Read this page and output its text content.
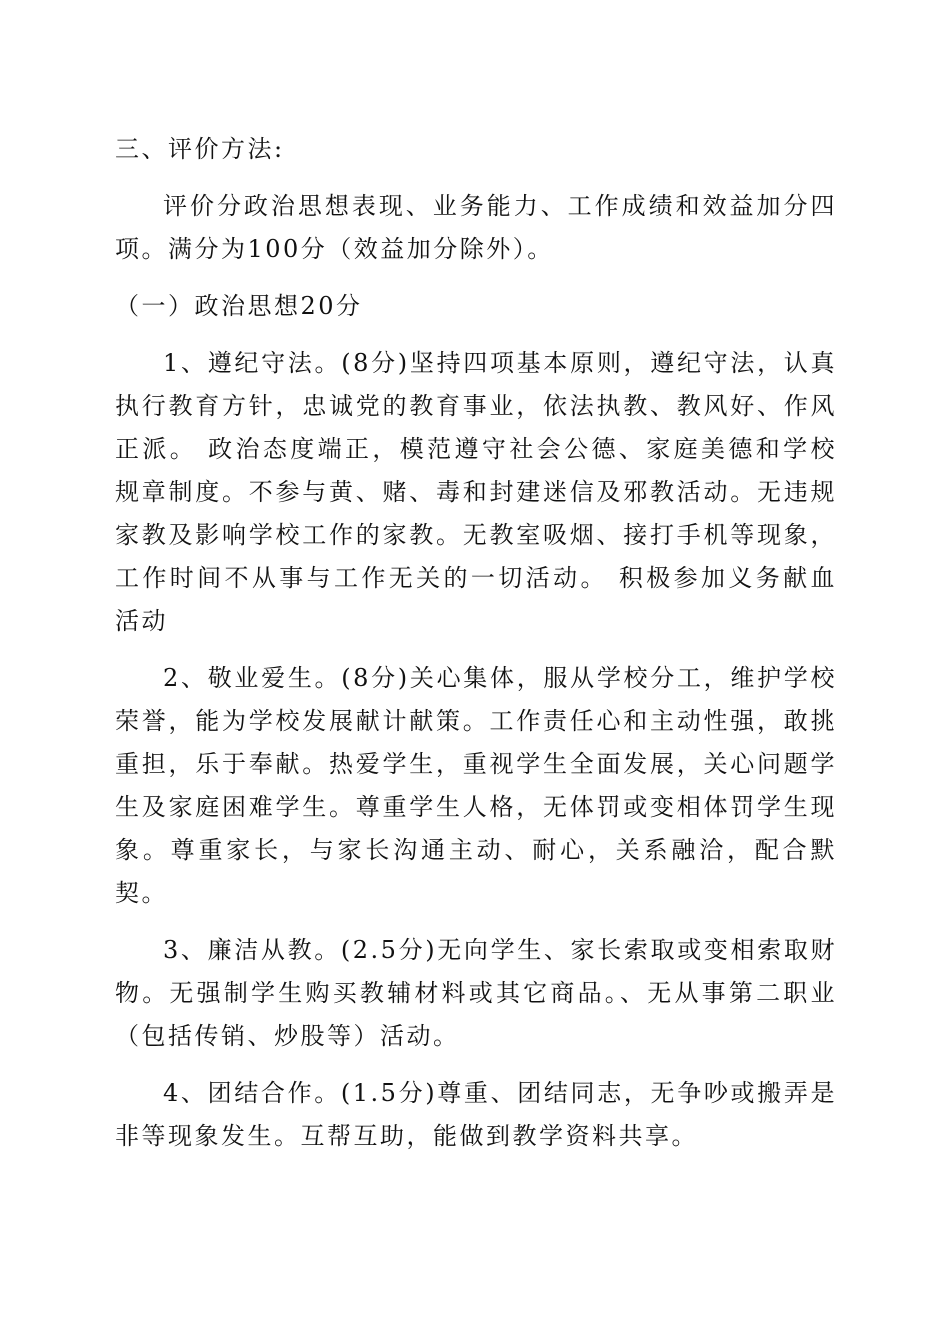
三、评价方法:

评价分政治思想表现、业务能力、工作成绩和效益加分四项。满分为100分（效益加分除外）。

（一）政治思想20分

1、遵纪守法。(8分)坚持四项基本原则，遵纪守法，认真执行教育方针，忠诚党的教育事业，依法执教、教风好、作风正派。 政治态度端正，模范遵守社会公德、家庭美德和学校规章制度。不参与黄、赌、毒和封建迷信及邪教活动。无违规家教及影响学校工作的家教。无教室吸烟、接打手机等现象，工作时间不从事与工作无关的一切活动。 积极参加义务献血活动

2、敬业爱生。(8分)关心集体，服从学校分工，维护学校荣誉，能为学校发展献计献策。工作责任心和主动性强，敢挑重担，乐于奉献。热爱学生，重视学生全面发展，关心问题学生及家庭困难学生。尊重学生人格，无体罚或变相体罚学生现象。尊重家长，与家长沟通主动、耐心，关系融洽，配合默契。

3、廉洁从教。(2.5分)无向学生、家长索取或变相索取财物。无强制学生购买教辅材料或其它商品。、无从事第二职业（包括传销、炒股等）活动。

4、团结合作。(1.5分)尊重、团结同志，无争吵或搬弄是非等现象发生。互帮互助，能做到教学资料共享。
